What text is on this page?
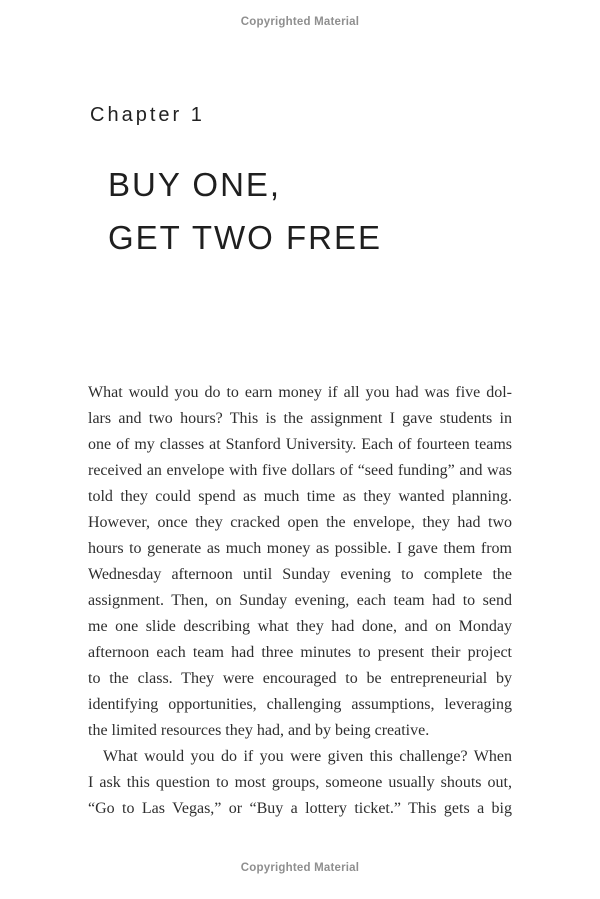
Copyrighted Material
Chapter 1
BUY ONE,
GET TWO FREE
What would you do to earn money if all you had was five dol-
lars and two hours? This is the assignment I gave students in
one of my classes at Stanford University. Each of fourteen teams
received an envelope with five dollars of “seed funding” and was
told they could spend as much time as they wanted planning.
However, once they cracked open the envelope, they had two
hours to generate as much money as possible. I gave them from
Wednesday afternoon until Sunday evening to complete the
assignment. Then, on Sunday evening, each team had to send
me one slide describing what they had done, and on Monday
afternoon each team had three minutes to present their project
to the class. They were encouraged to be entrepreneurial by
identifying opportunities, challenging assumptions, leveraging
the limited resources they had, and by being creative.
What would you do if you were given this challenge? When
I ask this question to most groups, someone usually shouts out,
“Go to Las Vegas,” or “Buy a lottery ticket.” This gets a big
Copyrighted Material
